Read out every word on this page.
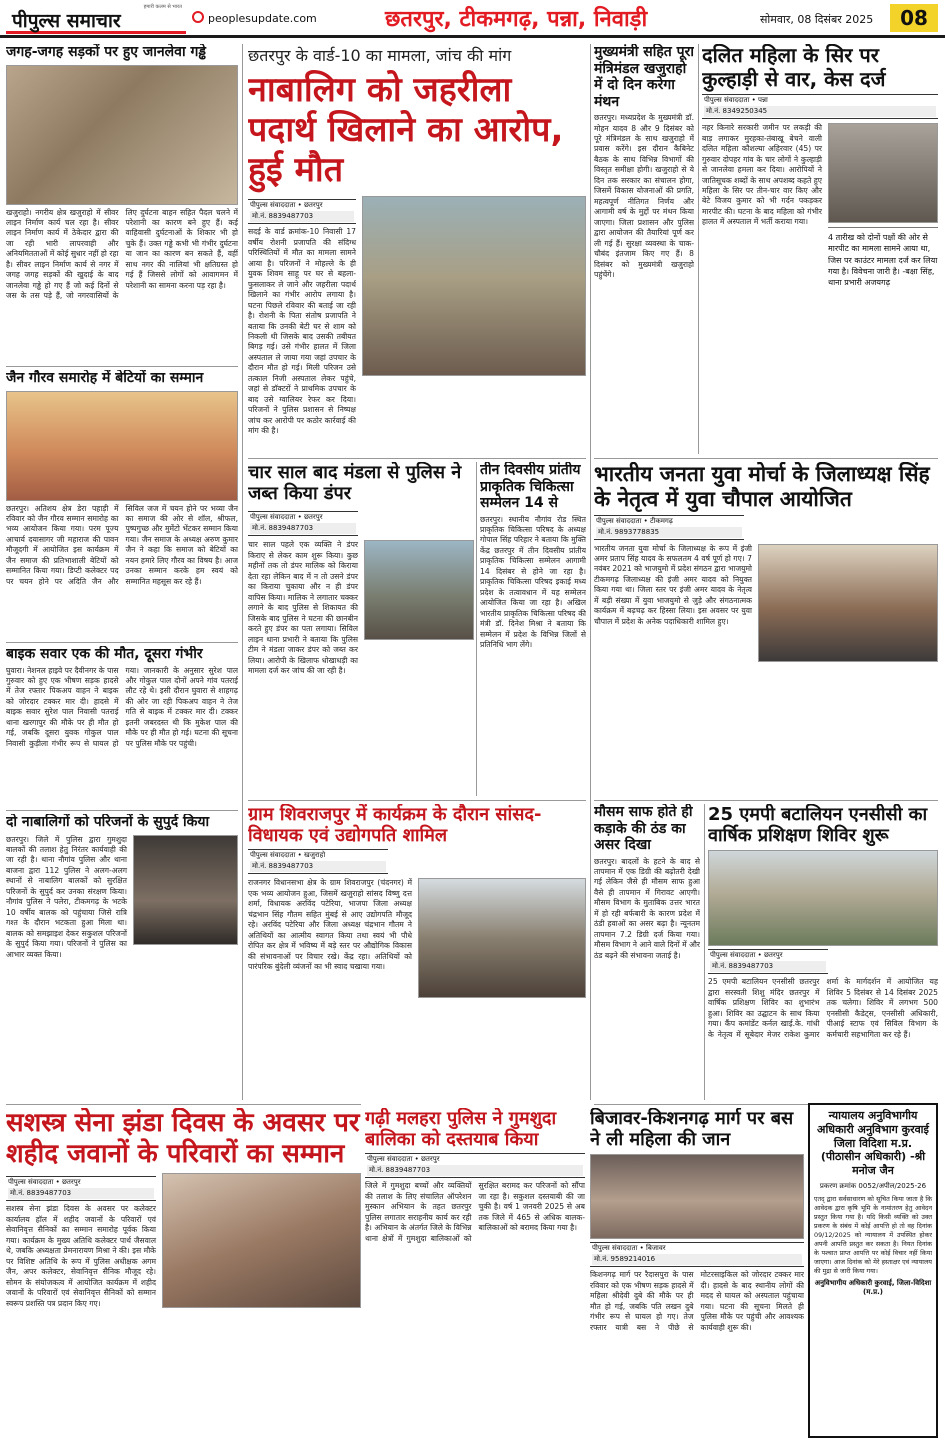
पीपुल्स समाचार
हमारी कलम से भारत
peoplesupdate.com	छतरपुर, टीकमगढ़, पन्ना, निवाड़ी	सोमवार, 08 दिसंबर 2025	08
जगह-जगह सड़कों पर हुए जानलेवा गड्ढे

खजुराहो। नगरीय क्षेत्र खजुराहो में सीवर लाइन निर्माण कार्य चल रहा है। सीवर लाइन निर्माण कार्य में ठेकेदार द्वारा की जा रही भारी लापरवाही और अनियमितताओं में कोई सुधार नहीं हो रहा है। सीवर लाइन निर्माण कार्य से नगर में जगह जगह सड़कों की खुदाई के बाद जानलेवा गड्ढे हो गए हैं जो कई दिनों से जस के तस पड़े हैं, जो नगरवासियों के लिए दुर्घटना बाहन सहित पैदल चलने में परेशानी का कारण बने हुए हैं। कई वाहिवासी दुर्घटनाओं के शिकार भी हो चुके हैं। उक्त गड्ढे कभी भी गंभीर दुर्घटना या जान का कारण बन सकते हैं, वहीं साथ नगर की नालियां भी क्षतिग्रस्त हो गई हैं जिससे लोगों को आवागमन में परेशानी का सामना करना पड़ रहा है।

जैन गौरव समारोह में बेटियों का सम्मान

छतरपुर। अतिशय क्षेत्र डेरा पहाड़ी में रविवार को जैन गौरव सम्मान समारोह का भव्य आयोजन किया गया। परम पूज्य आचार्य दयासागर जी महाराज की पावन मौजूदगी में आयोजित इस कार्यक्रम में जैन समाज की प्रतिभाशाली बेटियों को सम्मानित किया गया। डिप्टी कलेक्टर पद पर चयन होने पर अदिति जैन और सिविल जज में चयन होने पर भव्या जैन का समाज की ओर से शॉल, श्रीफल, पुष्पगुच्छ और मुमेंटो भेंटकर सम्मान किया गया। जैन समाज के अध्यक्ष अरुण कुमार जैन ने कहा कि समाज को बेटियों का नयन हमारे लिए गौरव का विषय है। आज उनका सम्मान करके हम स्वयं को सम्मानित महसूस कर रहे हैं।

बाइक सवार एक की मौत, दूसरा गंभीर

घुवारा। नेशनल हाइवे पर दैवीनगर के पास गुरुवार को हुए एक भीषण सड़क हादसे में तेज रफ्तार पिकअप वाहन ने बाइक को जोरदार टक्कर मार दी। हादसे में बाइक सवार सुरेश पाल निवासी पतराई थाना खरगापुर की मौके पर ही मौत हो गई, जबकि दूसरा युवक गोकुल पाल निवासी कुड़ीला गंभीर रूप से घायल हो गया। जानकारी के अनुसार सुरेश पाल और गोकुल पाल दोनों अपने गांव पतराई लौट रहे थे। इसी दौरान घुवारा से शाहगढ़ की ओर जा रही पिकअप वाहन ने तेज गति से बाइक में टक्कर मार दी। टक्कर इतनी जबरदस्त थी कि मुकेश पाल की मौके पर ही मौत हो गई। घटना की सूचना पर पुलिस मौके पर पहुंची।

दो नाबालिगों को परिजनों के सुपुर्द किया

छतरपुर। जिले में पुलिस द्वारा गुमशुदा बालकों की तलाश हेतु निरंतर कार्यवाही की जा रही है। थाना नौगांव पुलिस और थाना बाजना द्वारा 112 पुलिस ने अलग-अलग स्थानों से नाबालिग बालकों को सुरक्षित परिजनों के सुपुर्द कर उनका संरक्षण किया। नौगांव पुलिस ने पलेरा, टीकमगढ़ के भटके 10 वर्षीय बालक को पहुंचाया जिसे रात्रि गश्त के दौरान भटकता हुआ मिला था। बालक को समझाइश देकर सकुशल परिजनों के सुपुर्द किया गया। परिजनों ने पुलिस का आभार व्यक्त किया।

सशस्त्र सेना झंडा दिवस के अवसर पर शहीद जवानों के परिवारों का सम्मान
पीपुल्स संवाददाता • छतरपुर
मो.नं. 8839487703

सशस्त्र सेना झंडा दिवस के अवसर पर कलेक्टर कार्यालय हॉल में शहीद जवानों के परिवारों एवं सेवानिवृत्त सैनिकों का सम्मान समारोह पूर्वक किया गया। कार्यक्रम के मुख्य अतिथि कलेक्टर पार्थ जैसवाल थे, जबकि अध्यक्षता प्रेमनारायण मिश्रा ने की। इस मौके पर विशिष्ट अतिथि के रूप में पुलिस अधीक्षक अगम जैन, अपर कलेक्टर, सेवानिवृत्त सैनिक मौजूद रहे। सोमन के संयोजकत्व में आयोजित कार्यक्रम में शहीद जवानों के परिवारों एवं सेवानिवृत्त सैनिकों को सम्मान स्वरूप प्रशस्ति पत्र प्रदान किए गए।

छतरपुर के वार्ड-10 का मामला, जांच की मांग
नाबालिग को जहरीला पदार्थ खिलाने का आरोप, हुई मौत
पीपुल्स संवाददाता • छतरपुर
मो.नं. 8839487703

सदई के वार्ड क्रमांक-10 निवासी 17 वर्षीय रोशनी प्रजापति की संदिग्ध परिस्थितियों में मौत का मामला सामने आया है। परिजनों ने मोहल्ले के ही युवक शिवम साहू पर घर से बहला-फुसलाकर ले जाने और जहरीला पदार्थ खिलाने का गंभीर आरोप लगाया है। घटना पिछले रविवार की बताई जा रही है। रोशनी के पिता संतोष प्रजापति ने बताया कि उनकी बेटी घर से शाम को निकली थी जिसके बाद उसकी तबीयत बिगड़ गई। उसे गंभीर हालत में जिला अस्पताल ले जाया गया जहां उपचार के दौरान मौत हो गई। मिली परिजन उसे तत्काल निजी अस्पताल लेकर पहुंचे, जहां से डॉक्टरों ने प्राथमिक उपचार के बाद उसे ग्वालियर रेफर कर दिया। परिजनों ने पुलिस प्रशासन से निष्पक्ष जांच कर आरोपी पर कठोर कार्रवाई की मांग की है।

चार साल बाद मंडला से पुलिस ने जब्त किया डंपर
पीपुल्स संवाददाता • छतरपुर
मो.नं. 8839487703

चार साल पहले एक व्यक्ति ने डंपर किराए से लेकर काम शुरू किया। कुछ महीनों तक तो डंपर मालिक को किराया देता रहा लेकिन बाद में न तो उसने डंपर का किराया चुकाया और न ही डंपर वापिस किया। मालिक ने लगातार चक्कर लगाने के बाद पुलिस से शिकायत की जिसके बाद पुलिस ने घटना की छानबीन करते हुए डंपर का पता लगाया। सिविल लाइन थाना प्रभारी ने बताया कि पुलिस टीम ने मंडला जाकर डंपर को जब्त कर लिया। आरोपी के खिलाफ धोखाधड़ी का मामला दर्ज कर जांच की जा रही है।

तीन दिवसीय प्रांतीय प्राकृतिक चिकित्सा सम्मेलन 14 से

छतरपुर। स्थानीय नौगांव रोड स्थित प्राकृतिक चिकित्सा परिषद के अध्यक्ष गोपाल सिंह परिहार ने बताया कि मुक्ति केंद्र छतरपुर में तीन दिवसीय प्रांतीय प्राकृतिक चिकित्सा सम्मेलन आगामी 14 दिसंबर से होने जा रहा है। प्राकृतिक चिकित्सा परिषद इकाई मध्य प्रदेश के तत्वावधान में यह सम्मेलन आयोजित किया जा रहा है। अखिल भारतीय प्राकृतिक चिकित्सा परिषद की मंत्री डॉ. दिनेश मिश्रा ने बताया कि सम्मेलन में प्रदेश के विभिन्न जिलों से प्रतिनिधि भाग लेंगे।

ग्राम शिवराजपुर में कार्यक्रम के दौरान सांसद-विधायक एवं उद्योगपति शामिल
पीपुल्स संवाददाता • खजुराहो
मो.नं. 8839487703

राजनगर विधानसभा क्षेत्र के ग्राम शिवराजपुर (चंदनगर) में एक भव्य आयोजन हुआ, जिसमें खजुराहो सांसद विष्णु दत्त शर्मा, विधायक अरविंद पटेरिया, भाजपा जिला अध्यक्ष चंद्रभान सिंह गौतम सहित मुंबई से आए उद्योगपति मौजूद रहे। अरविंद पटेरिया और जिला अध्यक्ष चंद्रभान गौतम ने अतिथियों का आत्मीय स्वागत किया तथा स्वयं भी पौधे रोपित कर क्षेत्र में भविष्य में बड़े स्तर पर औद्योगिक विकास की संभावनाओं पर विचार रखे। केंद्र रहा। अतिथियों को पारंपरिक बुंदेली व्यंजनों का भी स्वाद चखाया गया।

गढ़ी मलहरा पुलिस ने गुमशुदा बालिका को दस्तयाब किया
पीपुल्स संवाददाता • छतरपुर
मो.नं. 8839487703

जिले में गुमशुदा बच्चों और व्यक्तियों की तलाश के लिए संचालित ऑपरेशन मुस्कान अभियान के तहत छतरपुर पुलिस लगातार सराहनीय कार्य कर रही है। अभियान के अंतर्गत जिले के विभिन्न थाना क्षेत्रों में गुमशुदा बालिकाओं को सुरक्षित बरामद कर परिजनों को सौंपा जा रहा है। सकुशल दस्तयाबी की जा चुकी है। वर्ष 1 जनवरी 2025 से अब तक जिले में 465 से अधिक बालक-बालिकाओं को बरामद किया गया है।

मुख्यमंत्री सहित पूरा मंत्रिमंडल खजुराहो में दो दिन करेगा मंथन

छतरपुर। मध्यप्रदेश के मुख्यमंत्री डॉ. मोहन यादव 8 और 9 दिसंबर को पूरे मंत्रिमंडल के साथ खजुराहो में प्रवास करेंगे। इस दौरान कैबिनेट बैठक के साथ विभिन्न विभागों की विस्तृत समीक्षा होगी। खजुराहो से ये दिन तक सरकार का संचालन होगा, जिसमें विकास योजनाओं की प्रगति, महत्वपूर्ण नीतिगत निर्णय और आगामी वर्ष के मुद्दों पर मंथन किया जाएगा। जिला प्रशासन और पुलिस द्वारा आयोजन की तैयारियां पूर्ण कर ली गई हैं। सुरक्षा व्यवस्था के चाक-चौबंद इंतजाम किए गए हैं। 8 दिसंबर को मुख्यमंत्री खजुराहो पहुंचेंगे।

दलित महिला के सिर पर कुल्हाड़ी से वार, केस दर्ज
पीपुल्स संवाददाता • पन्ना
मो.नं. 8349250345

नहर किनारे सरकारी जमीन पर लकड़ी की बाड़ लगाकर मुरहका-तंबाखू बेचने वाली दलित महिला कौशल्या अहिरवार (45) पर गुरुवार दोपहर गांव के चार लोगों ने कुल्हाड़ी से जानलेवा हमला कर दिया। आरोपियों ने जातिसूचक शब्दों के साथ अपशब्द कहते हुए महिला के सिर पर तीन-चार वार किए और बेटे विजय कुमार को भी गर्दन पकड़कर मारपीट की। घटना के बाद महिला को गंभीर हालत में अस्पताल में भर्ती कराया गया।

4 तारीख को दोनों पक्षों की ओर से मारपीट का मामला सामने आया था, जिस पर काउंटर मामला दर्ज कर लिया गया है। विवेचना जारी है। -बक्षा सिंह, थाना प्रभारी अजयगढ़
भारतीय जनता युवा मोर्चा के जिलाध्यक्ष सिंह के नेतृत्व में युवा चौपाल आयोजित
पीपुल्स संवाददाता • टीकमगढ़
मो.नं. 9893778835

भारतीय जनता युवा मोर्चा के जिलाध्यक्ष के रूप में इंजी अमर प्रताप सिंह यादव के सफलतम 4 वर्ष पूर्ण हो गए। 7 नवंबर 2021 को भाजयुमो में प्रदेश संगठन द्वारा भाजयुमो टीकमगढ़ जिलाध्यक्ष की इंजी अमर यादव को नियुक्त किया गया था। जिला स्तर पर इंजी अमर यादव के नेतृत्व में बड़ी संख्या में युवा भाजयुमो से जुड़े और संगठनात्मक कार्यक्रम में बढ़चढ़ कर हिस्सा लिया। इस अवसर पर युवा चौपाल में प्रदेश के अनेक पदाधिकारी शामिल हुए।

मौसम साफ होते ही कड़ाके की ठंड का असर दिखा

छतरपुर। बादलों के हटने के बाद से तापमान में एक डिग्री की बढ़ोतरी देखी गई लेकिन जैसे ही मौसम साफ हुआ वैसे ही तापमान में गिरावट आएगी। मौसम विभाग के मुताबिक उत्तर भारत में हो रही बर्फबारी के कारण प्रदेश में ठंडी हवाओं का असर बढ़ा है। न्यूनतम तापमान 7.2 डिग्री दर्ज किया गया। मौसम विभाग ने आने वाले दिनों में और ठंड बढ़ने की संभावना जताई है।

25 एमपी बटालियन एनसीसी का वार्षिक प्रशिक्षण शिविर शुरू
पीपुल्स संवाददाता • छतरपुर
मो.नं. 8839487703

25 एमपी बटालियन एनसीसी छतरपुर द्वारा सरस्वती शिशु मंदिर छतरपुर में वार्षिक प्रशिक्षण शिविर का शुभारंभ हुआ। शिविर का उद्घाटन के साथ किया गया। कैंप कमांडेंट कर्नल खाई.के. गांधी के नेतृत्व में सूबेदार मेजर राकेश कुमार शर्मा के मार्गदर्शन में आयोजित यह शिविर 5 दिसंबर से 14 दिसंबर 2025 तक चलेगा। शिविर में लगभग 500 एनसीसी कैडेट्स, एनसीसी अधिकारी, पीआई स्टाफ एवं सिविल विभाग के कर्मचारी सहभागिता कर रहे हैं।

बिजावर-किशनगढ़ मार्ग पर बस ने ली महिला की जान
पीपुल्स संवाददाता • बिजावर
मो.नं. 9589214016

किशनगढ़ मार्ग पर रैदासपुरा के पास रविवार को एक भीषण सड़क हादसे में महिला श्रीदेवी दुबे की मौके पर ही मौत हो गई, जबकि पति लखन दुबे गंभीर रूप से घायल हो गए। तेज रफ्तार यात्री बस ने पीछे से मोटरसाइकिल को जोरदार टक्कर मार दी। हादसे के बाद स्थानीय लोगों की मदद से घायल को अस्पताल पहुंचाया गया। घटना की सूचना मिलते ही पुलिस मौके पर पहुंची और आवश्यक कार्यवाही शुरू की।

न्यायालय अनुविभागीय अधिकारी अनुविभाग कुरवाई जिला विदिशा म.प्र. (पीठासीन अधिकारी) -श्री मनोज जैन
प्रकरण क्रमांक 0052/अपील/2025-26

एतद् द्वारा सर्वसाधारण को सूचित किया जाता है कि आवेदक द्वारा कृषि भूमि के नामांतरण हेतु आवेदन प्रस्तुत किया गया है। यदि किसी व्यक्ति को उक्त प्रकरण के संबंध में कोई आपत्ति हो तो वह दिनांक 09/12/2025 को न्यायालय में उपस्थित होकर अपनी आपत्ति प्रस्तुत कर सकता है। नियत दिनांक के पश्चात प्राप्त आपत्ति पर कोई विचार नहीं किया जाएगा। आज दिनांक को मेरे हस्ताक्षर एवं न्यायालय की मुद्रा से जारी किया गया।

अनुविभागीय अधिकारी कुरवाई, जिला-विदिशा (म.प्र.)
